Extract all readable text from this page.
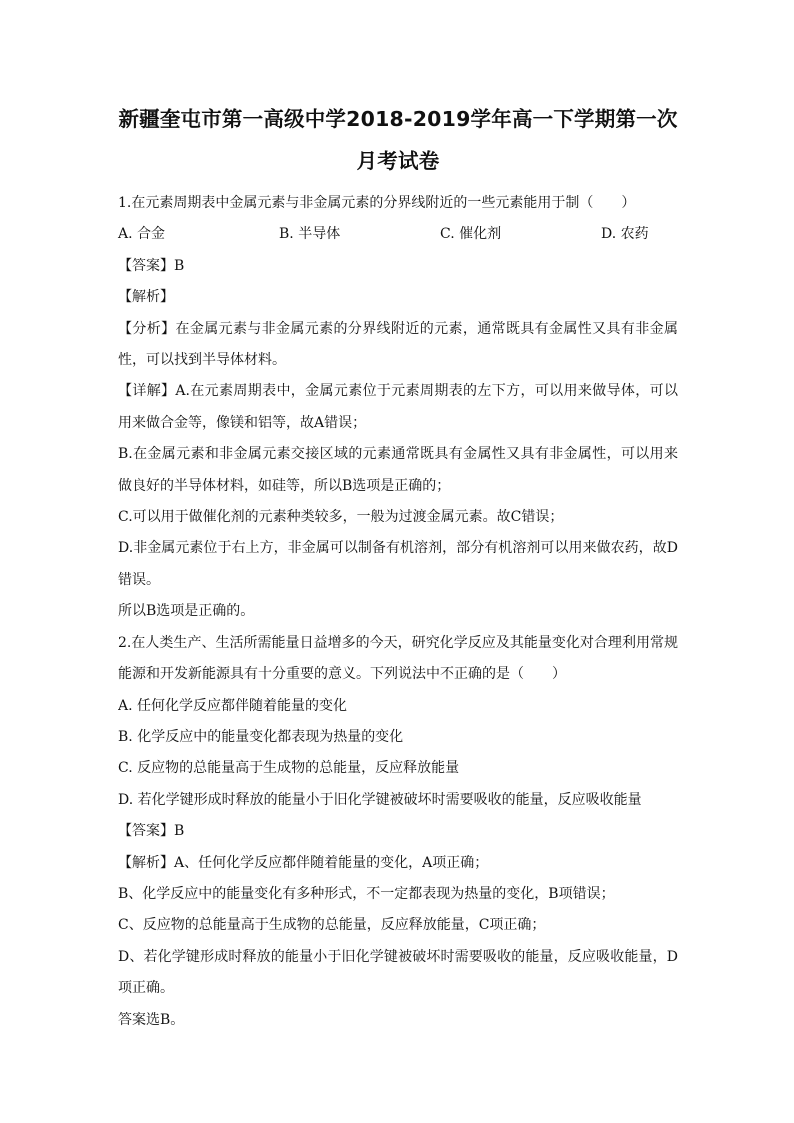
新疆奎屯市第一高级中学2018-2019学年高一下学期第一次
月考试卷
1.在元素周期表中金属元素与非金属元素的分界线附近的一些元素能用于制（　　）
A. 合金	B. 半导体	C. 催化剂	D. 农药
【答案】B
【解析】
【分析】在金属元素与非金属元素的分界线附近的元素，通常既具有金属性又具有非金属性，可以找到半导体材料。
【详解】A.在元素周期表中，金属元素位于元素周期表的左下方，可以用来做导体，可以用来做合金等，像镁和铝等，故A错误；
B.在金属元素和非金属元素交接区域的元素通常既具有金属性又具有非金属性，可以用来做良好的半导体材料，如硅等，所以B选项是正确的；
C.可以用于做催化剂的元素种类较多，一般为过渡金属元素。故C错误；
D.非金属元素位于右上方，非金属可以制备有机溶剂，部分有机溶剂可以用来做农药，故D错误。
所以B选项是正确的。
2.在人类生产、生活所需能量日益增多的今天，研究化学反应及其能量变化对合理利用常规能源和开发新能源具有十分重要的意义。下列说法中不正确的是（　　）
A. 任何化学反应都伴随着能量的变化
B. 化学反应中的能量变化都表现为热量的变化
C. 反应物的总能量高于生成物的总能量，反应释放能量
D. 若化学键形成时释放的能量小于旧化学键被破坏时需要吸收的能量，反应吸收能量
【答案】B
【解析】A、任何化学反应都伴随着能量的变化，A项正确；
B、化学反应中的能量变化有多种形式，不一定都表现为热量的变化，B项错误；
C、反应物的总能量高于生成物的总能量，反应释放能量，C项正确；
D、若化学键形成时释放的能量小于旧化学键被破坏时需要吸收的能量，反应吸收能量，D项正确。
答案选B。
